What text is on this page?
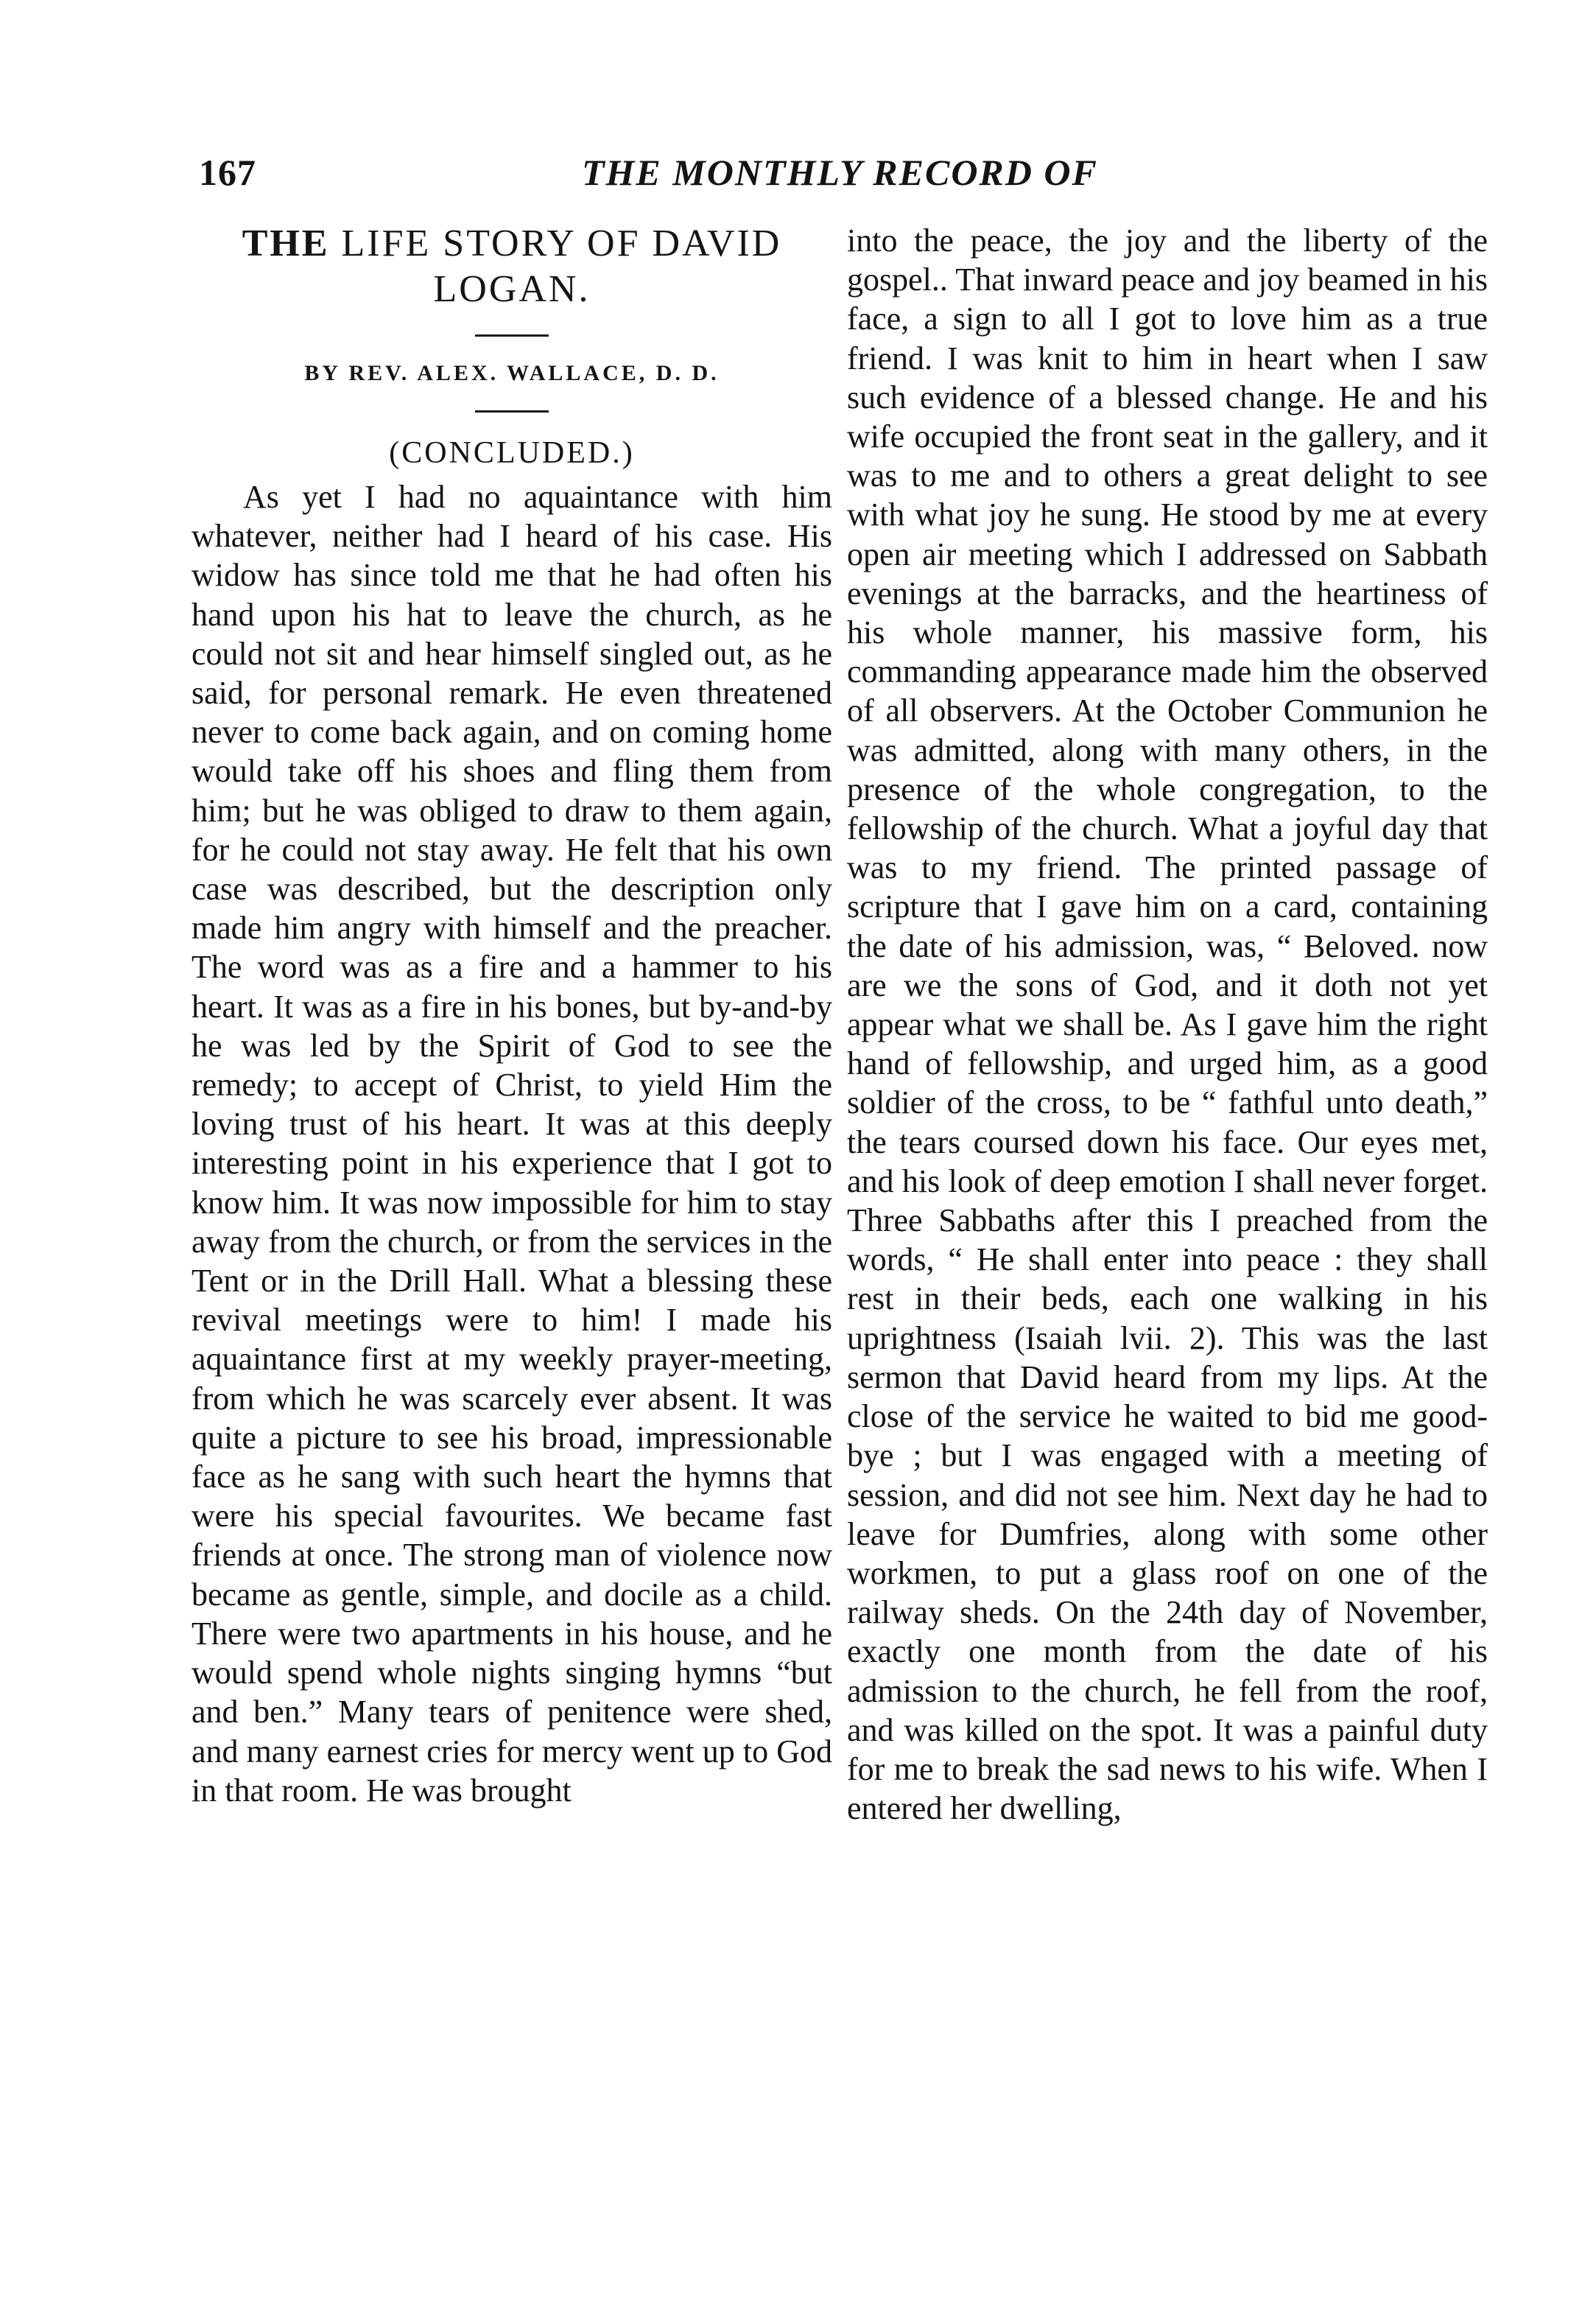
167	THE MONTHLY RECORD OF
THE LIFE STORY OF DAVID
LOGAN.

BY REV. ALEX. WALLACE, D. D.

(CONCLUDED.)

As yet I had no aquaintance with him whatever, neither had I heard of his case. His widow has since told me that he had often his hand upon his hat to leave the church, as he could not sit and hear himself singled out, as he said, for personal remark. He even threatened never to come back again, and on coming home would take off his shoes and fling them from him; but he was obliged to draw to them again, for he could not stay away. He felt that his own case was described, but the description only made him angry with himself and the preacher. The word was as a fire and a hammer to his heart. It was as a fire in his bones, but by-and-by he was led by the Spirit of God to see the remedy; to accept of Christ, to yield Him the loving trust of his heart. It was at this deeply interesting point in his experience that I got to know him. It was now impossible for him to stay away from the church, or from the services in the Tent or in the Drill Hall. What a blessing these revival meetings were to him! I made his aquaintance first at my weekly prayer-meeting, from which he was scarcely ever absent. It was quite a picture to see his broad, impressionable face as he sang with such heart the hymns that were his special favourites. We became fast friends at once. The strong man of violence now became as gentle, simple, and docile as a child. There were two apartments in his house, and he would spend whole nights singing hymns “but and ben.” Many tears of penitence were shed, and many earnest cries for mercy went up to God in that room. He was brought

into the peace, the joy and the liberty of the gospel.. That inward peace and joy beamed in his face, a sign to all I got to love him as a true friend. I was knit to him in heart when I saw such evidence of a blessed change. He and his wife occupied the front seat in the gallery, and it was to me and to others a great delight to see with what joy he sung. He stood by me at every open air meeting which I addressed on Sabbath evenings at the barracks, and the heartiness of his whole manner, his massive form, his commanding appearance made him the observed of all observers. At the October Communion he was admitted, along with many others, in the presence of the whole congregation, to the fellowship of the church. What a joyful day that was to my friend. The printed passage of scripture that I gave him on a card, containing the date of his admission, was, “ Beloved. now are we the sons of God, and it doth not yet appear what we shall be. As I gave him the right hand of fellowship, and urged him, as a good soldier of the cross, to be “ fathful unto death,” the tears coursed down his face. Our eyes met, and his look of deep emotion I shall never forget. Three Sabbaths after this I preached from the words, “ He shall enter into peace : they shall rest in their beds, each one walking in his uprightness (Isaiah lvii. 2). This was the last sermon that David heard from my lips. At the close of the service he waited to bid me good-bye ; but I was engaged with a meeting of session, and did not see him. Next day he had to leave for Dumfries, along with some other workmen, to put a glass roof on one of the railway sheds. On the 24th day of November, exactly one month from the date of his admission to the church, he fell from the roof, and was killed on the spot. It was a painful duty for me to break the sad news to his wife. When I entered her dwelling,
